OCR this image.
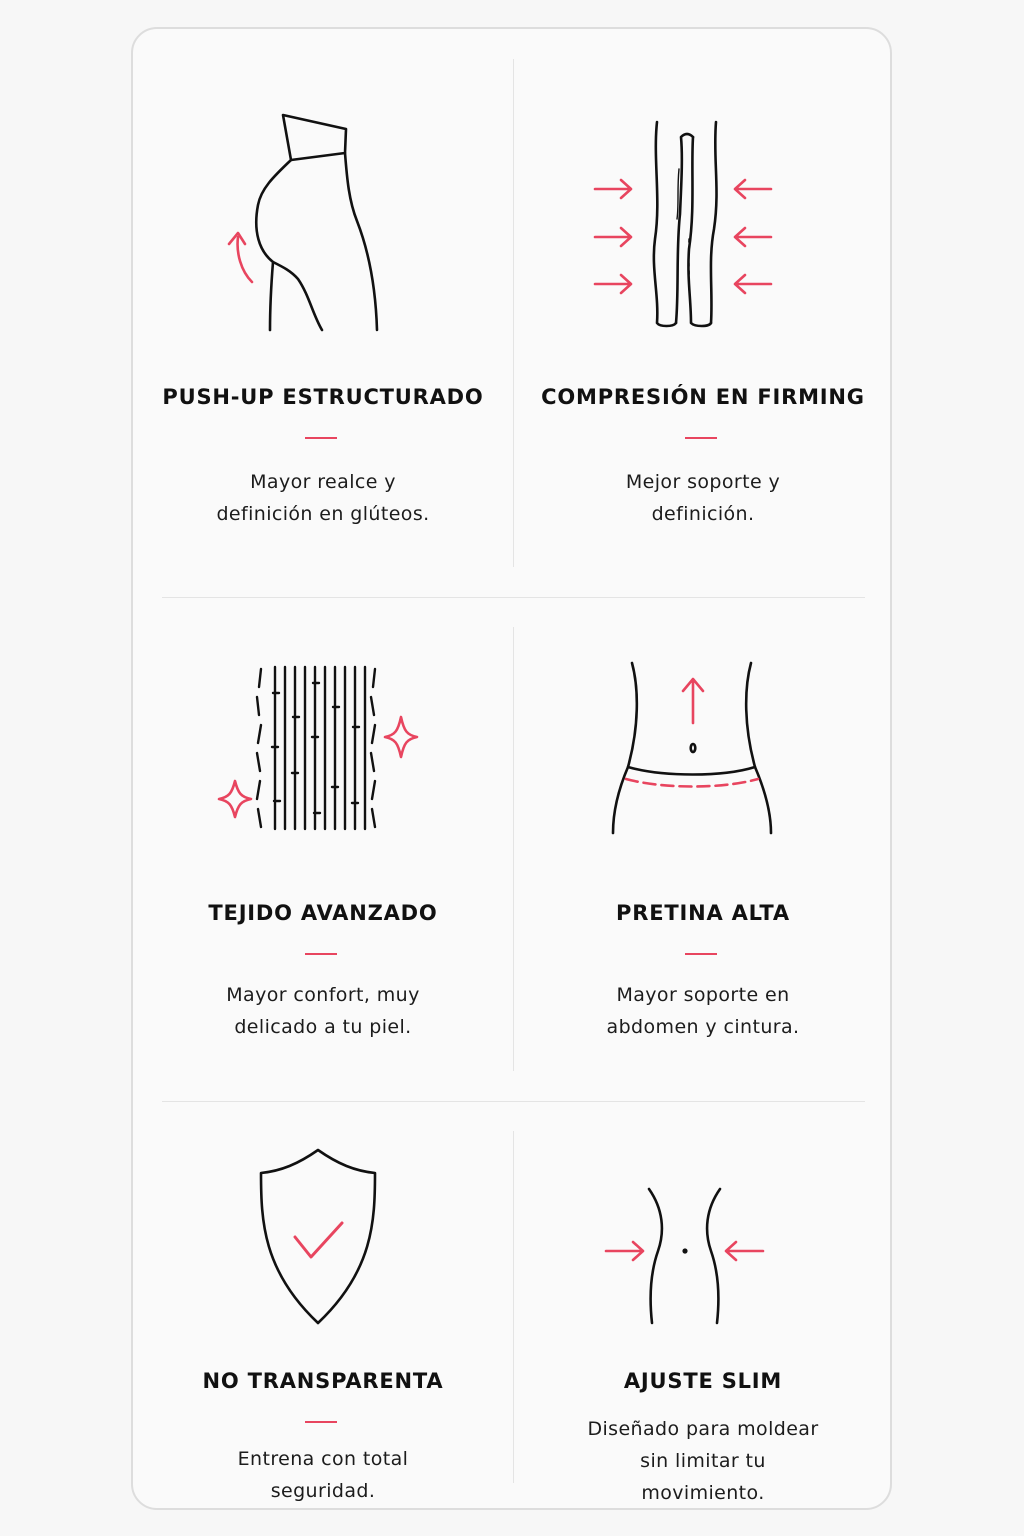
PUSH-UP ESTRUCTURADO
Mayor realce y
definición en glúteos.
COMPRESIÓN EN FIRMING
Mejor soporte y
definición.
TEJIDO AVANZADO
Mayor confort, muy
delicado a tu piel.
PRETINA ALTA
Mayor soporte en
abdomen y cintura.
NO TRANSPARENTA
Entrena con total
seguridad.
AJUSTE SLIM
Diseñado para moldear
sin limitar tu
movimiento.
